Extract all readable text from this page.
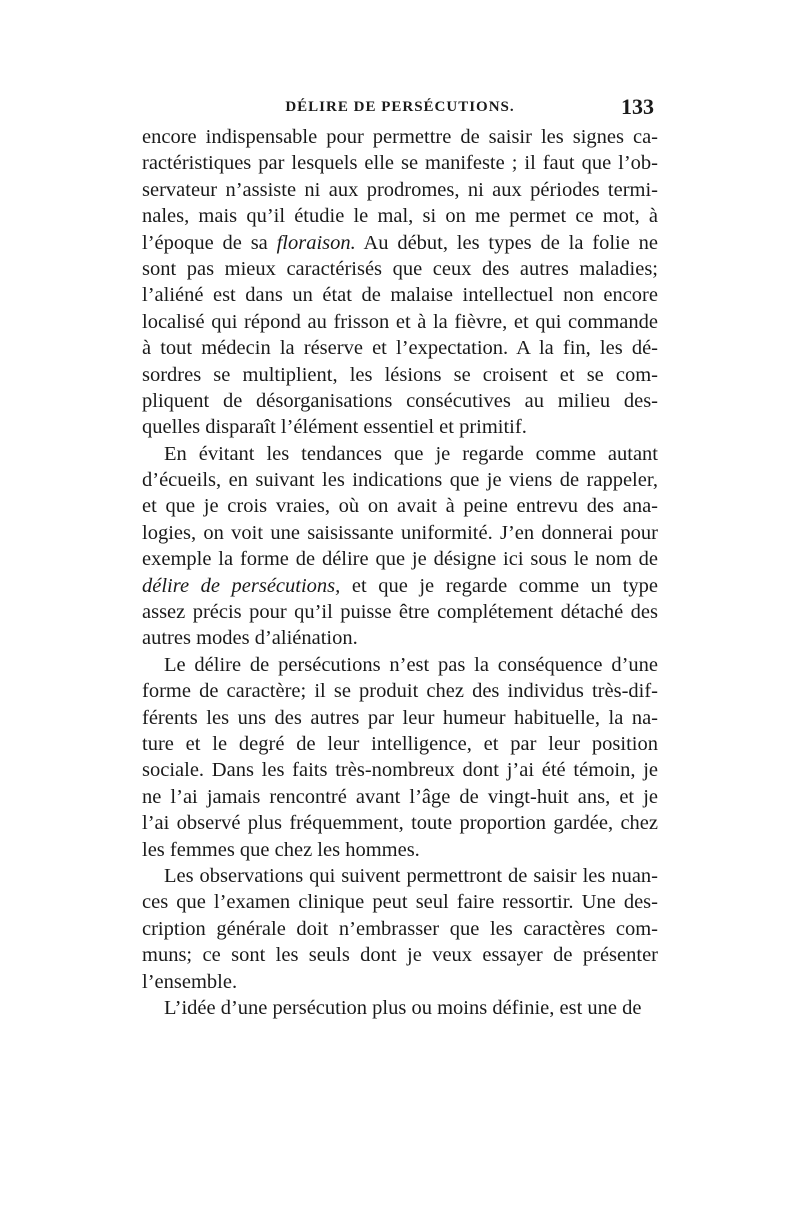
DÉLIRE DE PERSÉCUTIONS.	133
encore indispensable pour permettre de saisir les signes ca-
ractéristiques par lesquels elle se manifeste ; il faut que l’ob-
servateur n’assiste ni aux prodromes, ni aux périodes termi-
nales, mais qu’il étudie le mal, si on me permet ce mot, à
l’époque de sa floraison. Au début, les types de la folie ne
sont pas mieux caractérisés que ceux des autres maladies;
l’aliéné est dans un état de malaise intellectuel non encore
localisé qui répond au frisson et à la fièvre, et qui commande
à tout médecin la réserve et l’expectation. A la fin, les dé-
sordres se multiplient, les lésions se croisent et se com-
pliquent de désorganisations consécutives au milieu des-
quelles disparaît l’élément essentiel et primitif.
En évitant les tendances que je regarde comme autant
d’écueils, en suivant les indications que je viens de rappeler,
et que je crois vraies, où on avait à peine entrevu des ana-
logies, on voit une saisissante uniformité. J’en donnerai pour
exemple la forme de délire que je désigne ici sous le nom de
délire de persécutions, et que je regarde comme un type
assez précis pour qu’il puisse être complétement détaché des
autres modes d’aliénation.
Le délire de persécutions n’est pas la conséquence d’une
forme de caractère; il se produit chez des individus très-dif-
férents les uns des autres par leur humeur habituelle, la na-
ture et le degré de leur intelligence, et par leur position
sociale. Dans les faits très-nombreux dont j’ai été témoin, je
ne l’ai jamais rencontré avant l’âge de vingt-huit ans, et je
l’ai observé plus fréquemment, toute proportion gardée, chez
les femmes que chez les hommes.
Les observations qui suivent permettront de saisir les nuan-
ces que l’examen clinique peut seul faire ressortir. Une des-
cription générale doit n’embrasser que les caractères com-
muns; ce sont les seuls dont je veux essayer de présenter
l’ensemble.
L’idée d’une persécution plus ou moins définie, est une de
